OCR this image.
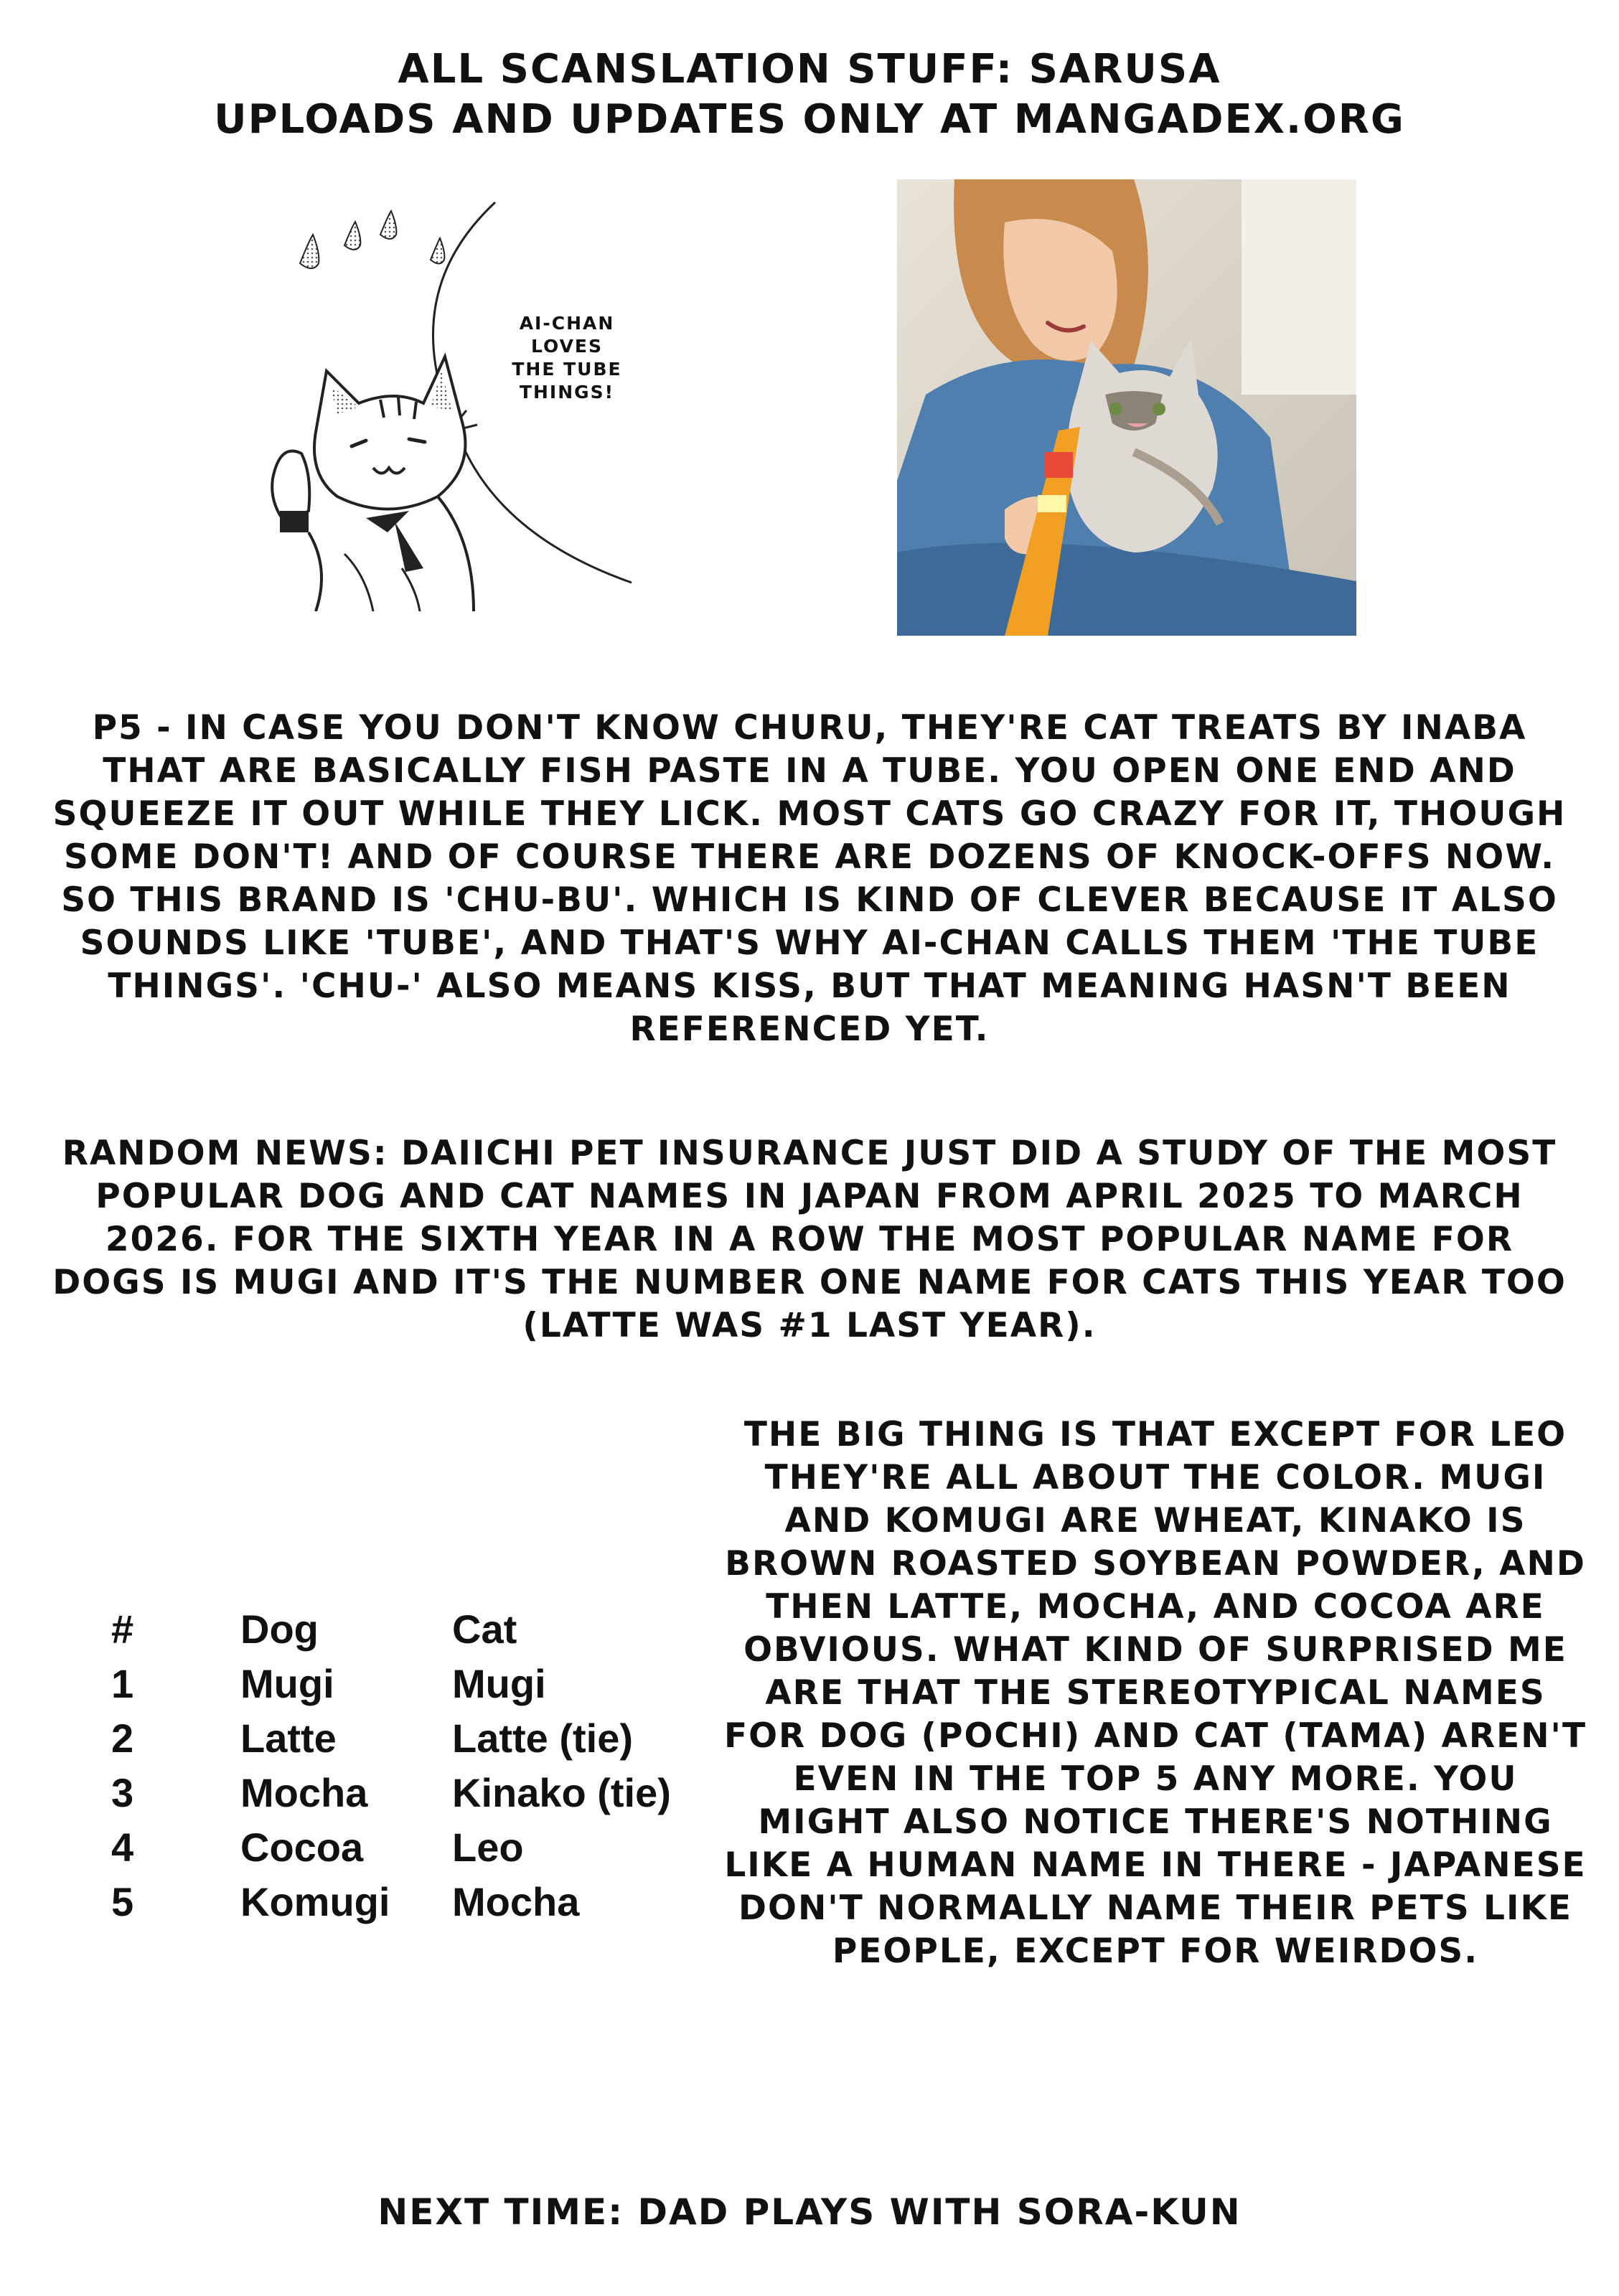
ALL SCANSLATION STUFF: SARUSA
UPLOADS AND UPDATES ONLY AT MANGADEX.ORG
AI-CHAN
LOVES
THE TUBE
THINGS!
P5 - IN CASE YOU DON'T KNOW CHURU, THEY'RE CAT TREATS BY INABA THAT ARE BASICALLY FISH PASTE IN A TUBE. YOU OPEN ONE END AND SQUEEZE IT OUT WHILE THEY LICK. MOST CATS GO CRAZY FOR IT, THOUGH SOME DON'T! AND OF COURSE THERE ARE DOZENS OF KNOCK-OFFS NOW. SO THIS BRAND IS 'CHU-BU'. WHICH IS KIND OF CLEVER BECAUSE IT ALSO SOUNDS LIKE 'TUBE', AND THAT'S WHY AI-CHAN CALLS THEM 'THE TUBE THINGS'. 'CHU-' ALSO MEANS KISS, BUT THAT MEANING HASN'T BEEN REFERENCED YET.
RANDOM NEWS: DAIICHI PET INSURANCE JUST DID A STUDY OF THE MOST POPULAR DOG AND CAT NAMES IN JAPAN FROM APRIL 2025 TO MARCH 2026. FOR THE SIXTH YEAR IN A ROW THE MOST POPULAR NAME FOR DOGS IS MUGI AND IT'S THE NUMBER ONE NAME FOR CATS THIS YEAR TOO (LATTE WAS #1 LAST YEAR).
#	Dog	Cat
1	Mugi	Mugi
2	Latte	Latte (tie)
3	Mocha	Kinako (tie)
4	Cocoa	Leo
5	Komugi	Mocha
THE BIG THING IS THAT EXCEPT FOR LEO THEY'RE ALL ABOUT THE COLOR. MUGI AND KOMUGI ARE WHEAT, KINAKO IS BROWN ROASTED SOYBEAN POWDER, AND THEN LATTE, MOCHA, AND COCOA ARE OBVIOUS. WHAT KIND OF SURPRISED ME ARE THAT THE STEREOTYPICAL NAMES FOR DOG (POCHI) AND CAT (TAMA) AREN'T EVEN IN THE TOP 5 ANY MORE. YOU MIGHT ALSO NOTICE THERE'S NOTHING LIKE A HUMAN NAME IN THERE - JAPANESE DON'T NORMALLY NAME THEIR PETS LIKE PEOPLE, EXCEPT FOR WEIRDOS.
NEXT TIME: DAD PLAYS WITH SORA-KUN
